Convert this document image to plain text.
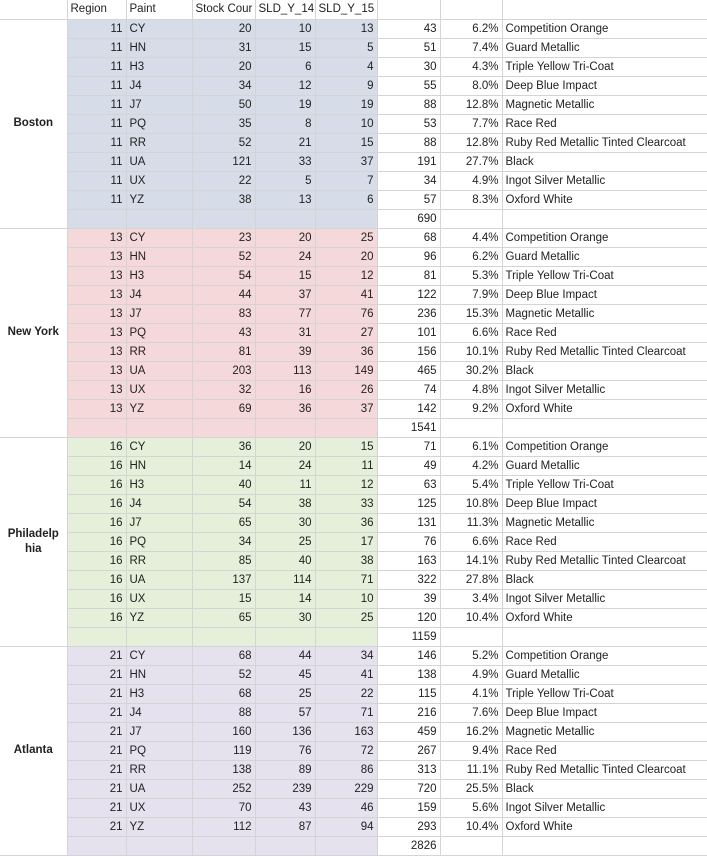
	Region	Paint	Stock Cour	SLD_Y_14	SLD_Y_15			
Boston	11	CY	20	10	13	43	6.2%	Competition Orange
	11	HN	31	15	5	51	7.4%	Guard Metallic
	11	H3	20	6	4	30	4.3%	Triple Yellow Tri-Coat
	11	J4	34	12	9	55	8.0%	Deep Blue Impact
	11	J7	50	19	19	88	12.8%	Magnetic Metallic
	11	PQ	35	8	10	53	7.7%	Race Red
	11	RR	52	21	15	88	12.8%	Ruby Red Metallic Tinted Clearcoat
	11	UA	121	33	37	191	27.7%	Black
	11	UX	22	5	7	34	4.9%	Ingot Silver Metallic
	11	YZ	38	13	6	57	8.3%	Oxford White
						690		
New York	13	CY	23	20	25	68	4.4%	Competition Orange
	13	HN	52	24	20	96	6.2%	Guard Metallic
	13	H3	54	15	12	81	5.3%	Triple Yellow Tri-Coat
	13	J4	44	37	41	122	7.9%	Deep Blue Impact
	13	J7	83	77	76	236	15.3%	Magnetic Metallic
	13	PQ	43	31	27	101	6.6%	Race Red
	13	RR	81	39	36	156	10.1%	Ruby Red Metallic Tinted Clearcoat
	13	UA	203	113	149	465	30.2%	Black
	13	UX	32	16	26	74	4.8%	Ingot Silver Metallic
	13	YZ	69	36	37	142	9.2%	Oxford White
						1541		

Philadelp
hia	16	CY	36	20	15	71	6.1%	Competition Orange
	16	HN	14	24	11	49	4.2%	Guard Metallic
	16	H3	40	11	12	63	5.4%	Triple Yellow Tri-Coat
	16	J4	54	38	33	125	10.8%	Deep Blue Impact
	16	J7	65	30	36	131	11.3%	Magnetic Metallic
	16	PQ	34	25	17	76	6.6%	Race Red
	16	RR	85	40	38	163	14.1%	Ruby Red Metallic Tinted Clearcoat
	16	UA	137	114	71	322	27.8%	Black
	16	UX	15	14	10	39	3.4%	Ingot Silver Metallic
	16	YZ	65	30	25	120	10.4%	Oxford White
						1159		
Atlanta	21	CY	68	44	34	146	5.2%	Competition Orange
	21	HN	52	45	41	138	4.9%	Guard Metallic
	21	H3	68	25	22	115	4.1%	Triple Yellow Tri-Coat
	21	J4	88	57	71	216	7.6%	Deep Blue Impact
	21	J7	160	136	163	459	16.2%	Magnetic Metallic
	21	PQ	119	76	72	267	9.4%	Race Red
	21	RR	138	89	86	313	11.1%	Ruby Red Metallic Tinted Clearcoat
	21	UA	252	239	229	720	25.5%	Black
	21	UX	70	43	46	159	5.6%	Ingot Silver Metallic
	21	YZ	112	87	94	293	10.4%	Oxford White
						2826		
